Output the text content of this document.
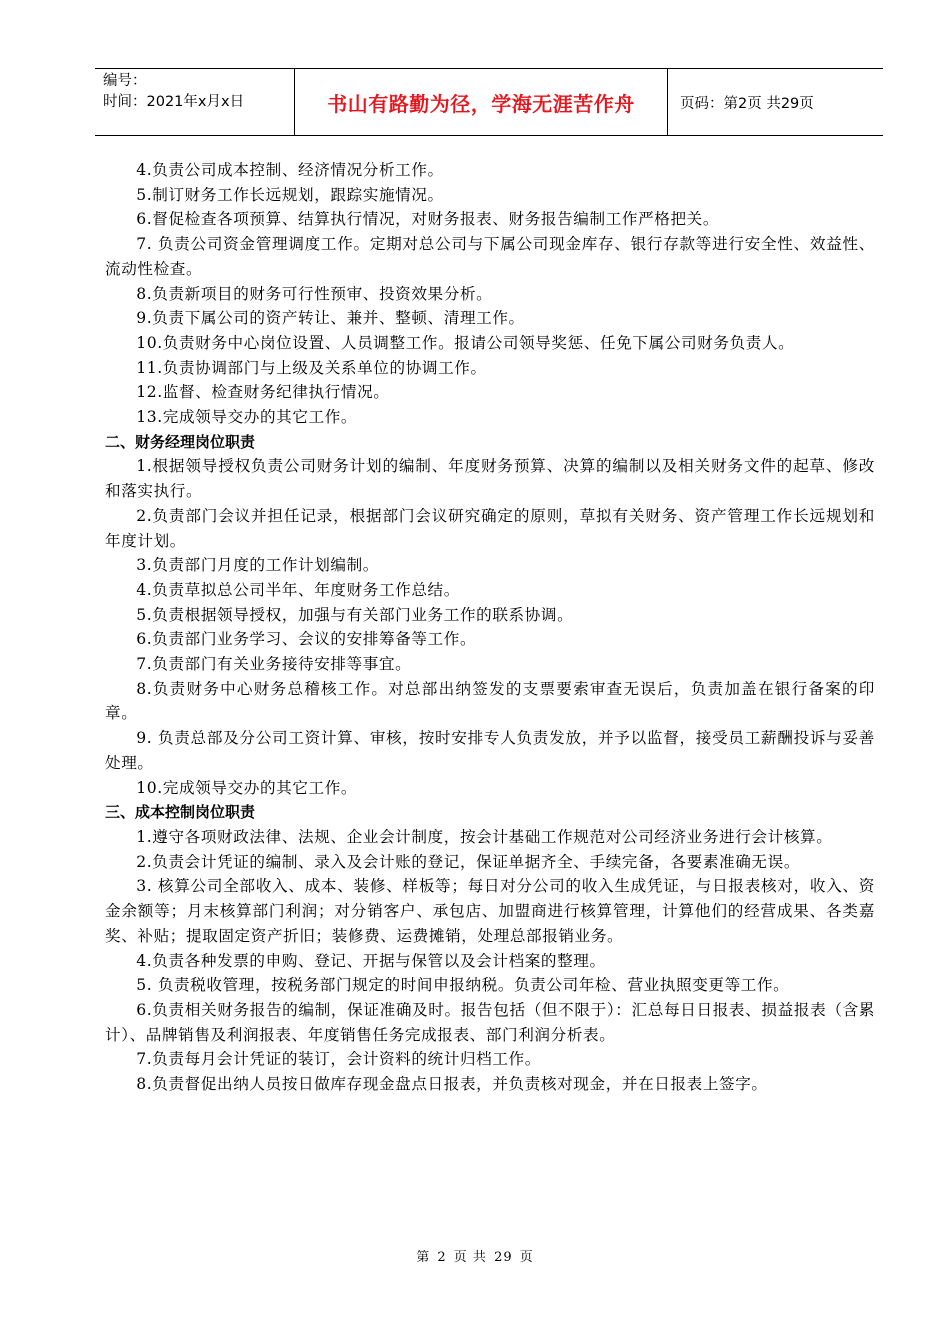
编号：
时间：2021年x月x日	书山有路勤为径，学海无涯苦作舟	页码：第2页 共29页
4.负责公司成本控制、经济情况分析工作。
5.制订财务工作长远规划，跟踪实施情况。
6.督促检查各项预算、结算执行情况，对财务报表、财务报告编制工作严格把关。
7. 负责公司资金管理调度工作。定期对总公司与下属公司现金库存、银行存款等进行安全性、效益性、流动性检查。
8.负责新项目的财务可行性预审、投资效果分析。
9.负责下属公司的资产转让、兼并、整顿、清理工作。
10.负责财务中心岗位设置、人员调整工作。报请公司领导奖惩、任免下属公司财务负责人。
11.负责协调部门与上级及关系单位的协调工作。
12.监督、检查财务纪律执行情况。
13.完成领导交办的其它工作。
二、财务经理岗位职责
1.根据领导授权负责公司财务计划的编制、年度财务预算、决算的编制以及相关财务文件的起草、修改和落实执行。
2.负责部门会议并担任记录，根据部门会议研究确定的原则，草拟有关财务、资产管理工作长远规划和年度计划。
3.负责部门月度的工作计划编制。
4.负责草拟总公司半年、年度财务工作总结。
5.负责根据领导授权，加强与有关部门业务工作的联系协调。
6.负责部门业务学习、会议的安排筹备等工作。
7.负责部门有关业务接待安排等事宜。
8.负责财务中心财务总稽核工作。对总部出纳签发的支票要索审查无误后，负责加盖在银行备案的印章。
9. 负责总部及分公司工资计算、审核，按时安排专人负责发放，并予以监督，接受员工薪酬投诉与妥善处理。
10.完成领导交办的其它工作。
三、成本控制岗位职责
1.遵守各项财政法律、法规、企业会计制度，按会计基础工作规范对公司经济业务进行会计核算。
2.负责会计凭证的编制、录入及会计账的登记，保证单据齐全、手续完备，各要素准确无误。
3. 核算公司全部收入、成本、装修、样板等；每日对分公司的收入生成凭证，与日报表核对，收入、资金余额等；月末核算部门利润；对分销客户、承包店、加盟商进行核算管理，计算他们的经营成果、各类嘉奖、补贴；提取固定资产折旧；装修费、运费摊销，处理总部报销业务。
4.负责各种发票的申购、登记、开据与保管以及会计档案的整理。
5. 负责税收管理，按税务部门规定的时间申报纳税。负责公司年检、营业执照变更等工作。
6.负责相关财务报告的编制，保证准确及时。报告包括（但不限于）：汇总每日日报表、损益报表（含累计）、品牌销售及利润报表、年度销售任务完成报表、部门利润分析表。
7.负责每月会计凭证的装订，会计资料的统计归档工作。
8.负责督促出纳人员按日做库存现金盘点日报表，并负责核对现金，并在日报表上签字。
第 2 页 共 29 页
